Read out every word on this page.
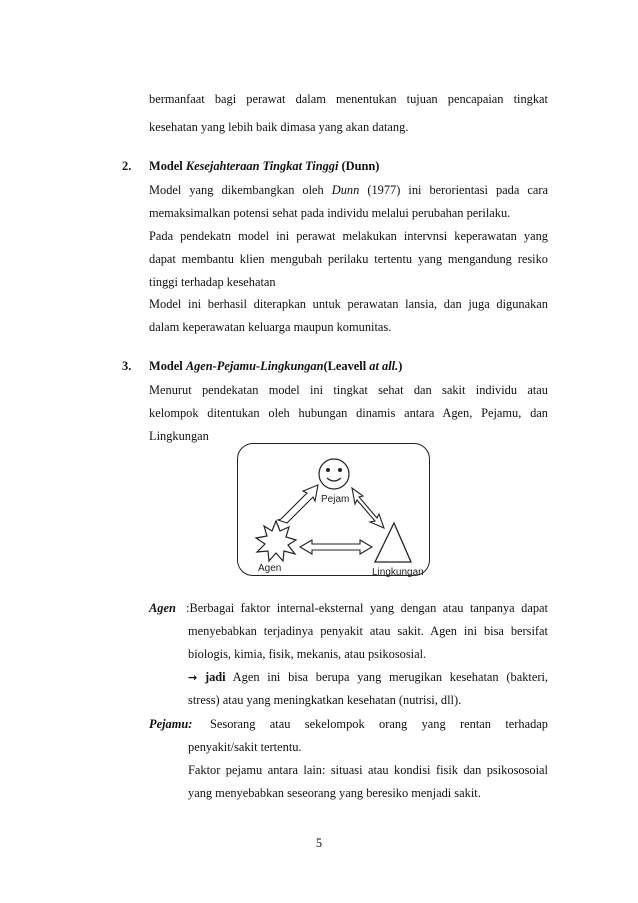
bermanfaat bagi perawat dalam menentukan tujuan pencapaian tingkat
kesehatan yang lebih baik dimasa yang akan datang.
2. Model Kesejahteraan Tingkat Tinggi (Dunn)
Model yang dikembangkan oleh Dunn (1977) ini berorientasi pada cara
memaksimalkan potensi sehat pada individu melalui perubahan perilaku.
Pada pendekatn model ini perawat melakukan intervnsi keperawatan yang
dapat membantu klien mengubah perilaku tertentu yang mengandung resiko
tinggi terhadap kesehatan
Model ini berhasil diterapkan untuk perawatan lansia, dan juga digunakan
dalam keperawatan keluarga maupun komunitas.
3. Model Agen-Pejamu-Lingkungan(Leavell at all.)
Menurut pendekatan model ini tingkat sehat dan sakit individu atau
kelompok ditentukan oleh hubungan dinamis antara Agen, Pejamu, dan
Lingkungan
Pejam
Agen	Lingkungan
Agen :Berbagai faktor internal-eksternal yang dengan atau tanpanya dapat
menyebabkan terjadinya penyakit atau sakit. Agen ini bisa bersifat
biologis, kimia, fisik, mekanis, atau psikososial.
→ jadi Agen ini bisa berupa yang merugikan kesehatan (bakteri,
stress) atau yang meningkatkan kesehatan (nutrisi, dll).
Pejamu: Sesorang atau sekelompok orang yang rentan terhadap
penyakit/sakit tertentu.
Faktor pejamu antara lain: situasi atau kondisi fisik dan psikososoial
yang menyebabkan seseorang yang beresiko menjadi sakit.
5
